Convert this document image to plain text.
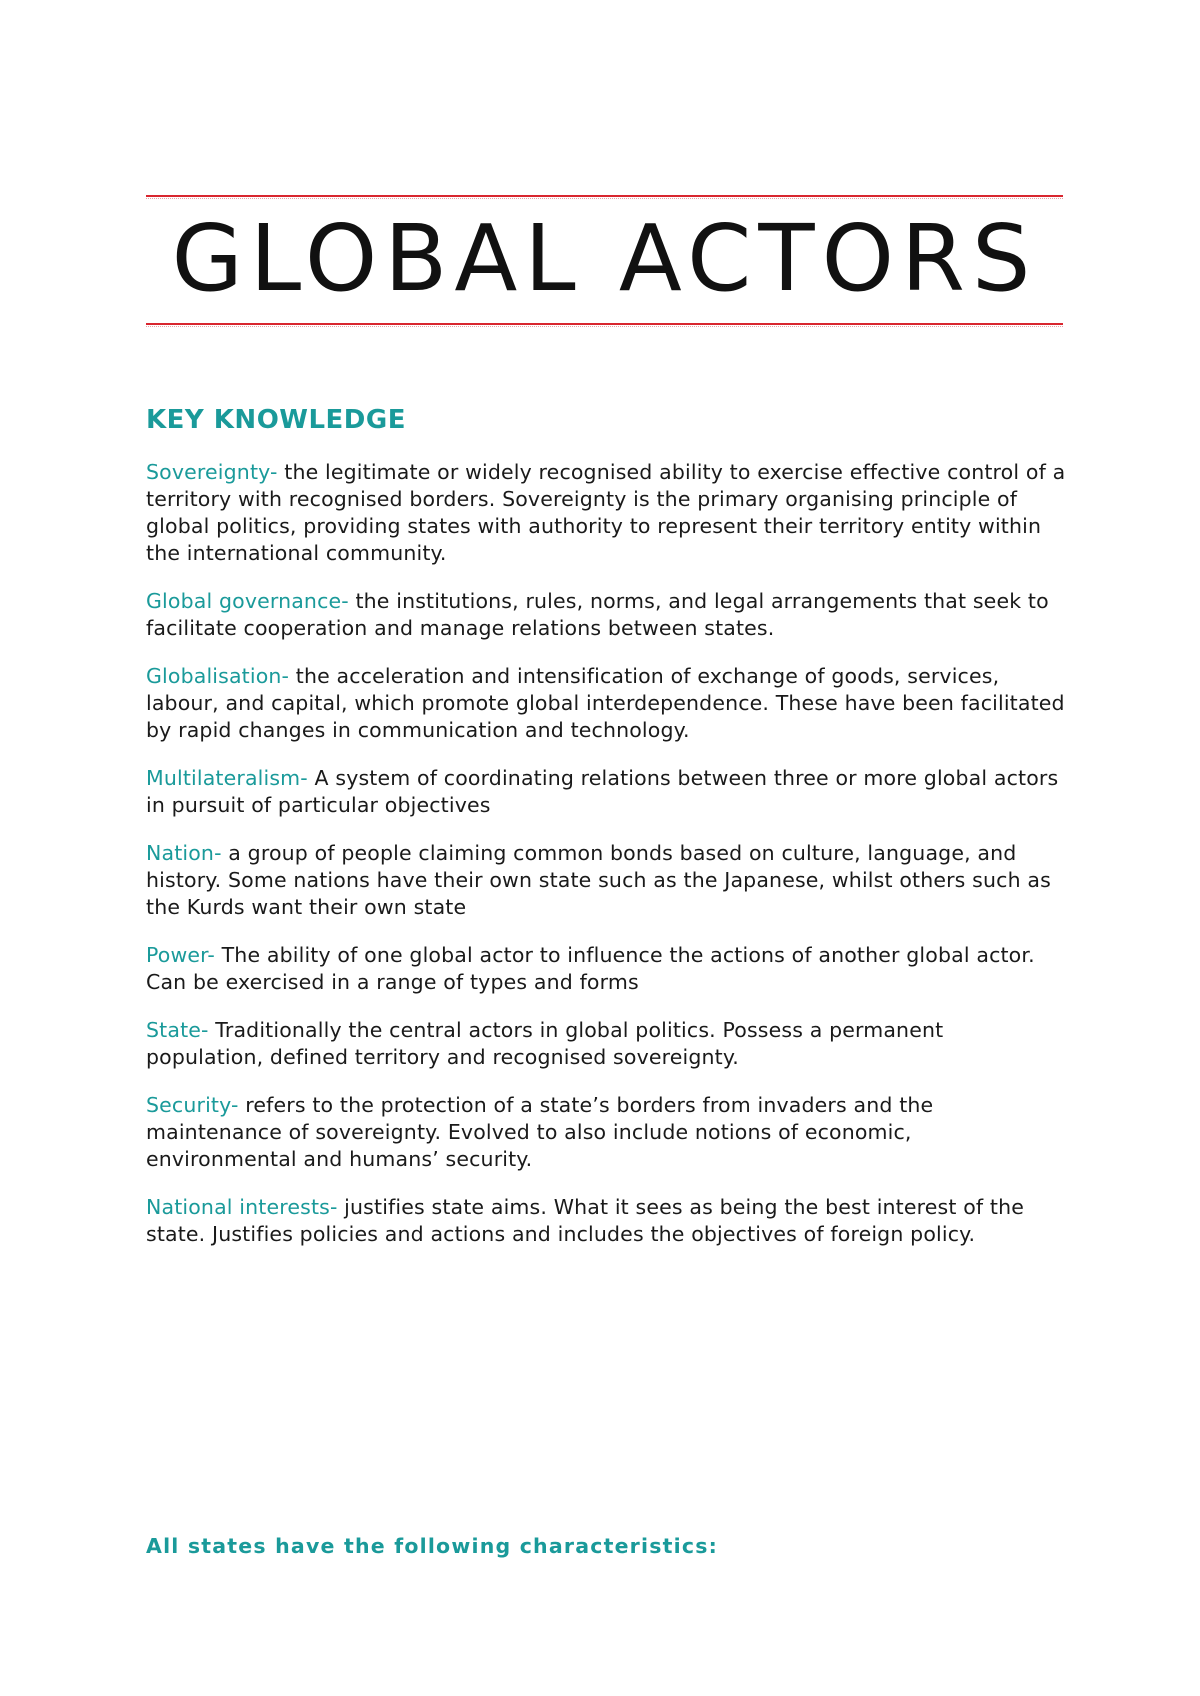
GLOBAL ACTORS
KEY KNOWLEDGE

Sovereignty- the legitimate or widely recognised ability to exercise effective control of a territory with recognised borders. Sovereignty is the primary organising principle of global politics, providing states with authority to represent their territory entity within the international community.

Global governance- the institutions, rules, norms, and legal arrangements that seek to facilitate cooperation and manage relations between states.

Globalisation- the acceleration and intensification of exchange of goods, services, labour, and capital, which promote global interdependence. These have been facilitated by rapid changes in communication and technology.

Multilateralism- A system of coordinating relations between three or more global actors in pursuit of particular objectives

Nation- a group of people claiming common bonds based on culture, language, and history. Some nations have their own state such as the Japanese, whilst others such as the Kurds want their own state

Power- The ability of one global actor to influence the actions of another global actor. Can be exercised in a range of types and forms

State- Traditionally the central actors in global politics. Possess a permanent population, defined territory and recognised sovereignty.

Security- refers to the protection of a state’s borders from invaders and the maintenance of sovereignty. Evolved to also include notions of economic, environmental and humans’ security.

National interests- justifies state aims. What it sees as being the best interest of the state. Justifies policies and actions and includes the objectives of foreign policy.

All states have the following characteristics:
